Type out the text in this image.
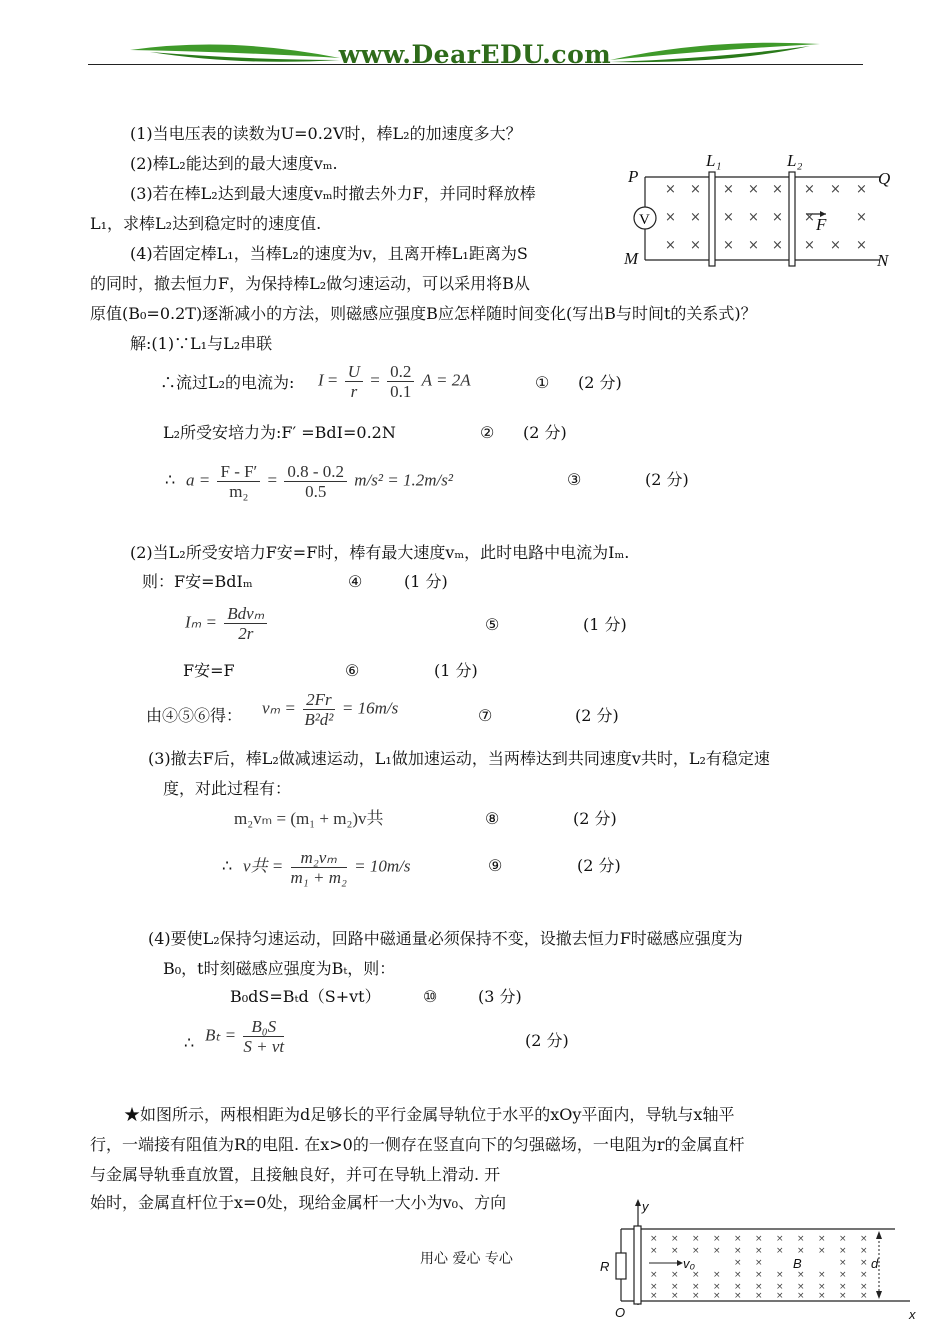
www.DearEDU.com
(1)当电压表的读数为U=0.2V时，棒L₂的加速度多大？
(2)棒L₂能达到的最大速度vₘ.
(3)若在棒L₂达到最大速度vₘ时撤去外力F，并同时释放棒
L₁，求棒L₂达到稳定时的速度值.
(4)若固定棒L₁，当棒L₂的速度为v，且离开棒L₁距离为S
的同时，撤去恒力F，为保持棒L₂做匀速运动，可以采用将B从
原值(B₀=0.2T)逐渐减小的方法，则磁感应强度B应怎样随时间变化(写出B与时间t的关系式)？
P	Q
M	N
L₁	L₂
F
V
×
×
×
×
×
×
×
×
×
×
×
×
×
×
×
×
×
×
×
×
×
×
×
解:(1)∵L₁与L₂串联
∴流过L₂的电流为: $I = \frac{U}{r} = \frac{0.2}{0.1}$ A = 2A	① (2 分)
L₂所受安培力为:F′ =BdI=0.2N	② (2 分)
∴ $a = \frac{F - F'}{\text{m₂}} = \frac{0.8 - 0.2}{0.5} m/s^2 = 1.2m/s^2$	③	(2 分)
(2)当L₂所受安培力F安=F时，棒有最大速度vₘ，此时电路中电流为Iₘ.
则：F安=BdIₘ	④	(1 分)
$I_m = \frac{\text{Bdvₘ}}{2r}$	⑤	(1 分)
F安=F	⑥	(1 分)
由④⑤⑥得： $v_m = \frac{2Fr}{\text{B²d²}} = 16m/s$	⑦	(2 分)
(3)撤去F后，棒L₂做减速运动，L₁做加速运动，当两棒达到共同速度v共时，L₂有稳定速
度，对此过程有：
m₂vₘ = (m₁ + m₂)v共	⑧	(2 分)
∴ v共 = $\frac{\text{m₂vₘ}}{\text{m₁ + m₂}} = 10m/s$	⑨	(2 分)
(4)要使L₂保持匀速运动，回路中磁通量必须保持不变，设撤去恒力F时磁感应强度为
B₀，t时刻磁感应强度为Bₜ，则：
B₀dS=Bₜd（S+vt）	⑩	(3 分)
∴ $B_t = \frac{\text{B₀S}}{S + vt}$	(2 分)
★如图所示，两根相距为d足够长的平行金属导轨位于水平的xOy平面内，导轨与x轴平
行，一端接有阻值为R的电阻. 在x>0的一侧存在竖直向下的匀强磁场，一电阻为r的金属直杆
与金属导轨垂直放置，且接触良好，并可在导轨上滑动. 开
始时，金属直杆位于x=0处，现给金属杆一大小为v₀、方向	y
x
O
R	v₀	B	d
×
×
×
×
×
×
×
×
×
×
×
×
×
×
×
×
×
×
×
×
×
×
×
×
×
×
×
×
×
×
×
×
×
×
×
×
×
×
×
×
×
×
×
×
×
×
×
×
×
×
×
×
×
×
×
×
×
×
×
用心 爱心 专心
